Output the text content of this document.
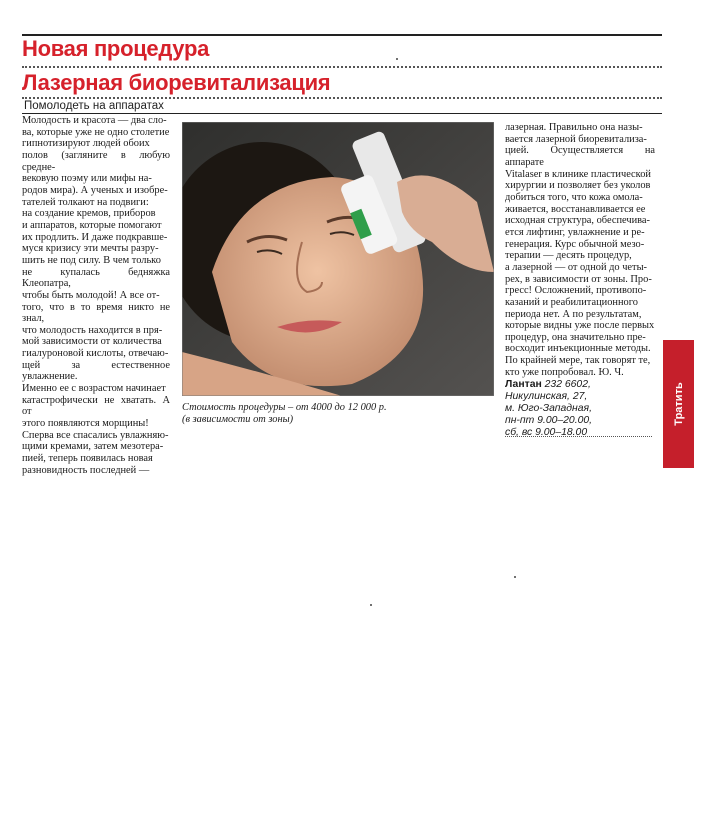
Новая процедура
Лазерная биоревитализация
Помолодеть на аппаратах

Молодость и красота — два сло-

ва, которые уже не одно столетие

гипнотизируют людей обоих

полов (загляните в любую средне-

вековую поэму или мифы на-

родов мира). А ученых и изобре-

тателей толкают на подвиги:

на создание кремов, приборов

и аппаратов, которые помогают

их продлить. И даже подкравше-

муся кризису эти мечты разру-

шить не под силу. В чем только

не купалась бедняжка Клеопатра,

чтобы быть молодой! А все от-

того, что в то время никто не знал,

что молодость находится в пря-

мой зависимости от количества

гиалуроновой кислоты, отвечаю-

щей за естественное увлажнение.

Именно ее с возрастом начинает

катастрофически не хватать. А от

этого появляются морщины!

Сперва все спасались увлажняю-

щими кремами, затем мезотера-

пией, теперь появилась новая

разновидность последней —

Стоимость процедуры – от 4000 до 12 000 р.
(в зависимости от зоны)

лазерная. Правильно она назы-

вается лазерной биоревитализа-

цией. Осуществляется на аппарате

Vitalaser в клинике пластической

хирургии и позволяет без уколов

добиться того, что кожа омола-

живается, восстанавливается ее

исходная структура, обеспечива-

ется лифтинг, увлажнение и ре-

генерация. Курс обычной мезо-

терапии — десять процедур,

а лазерной — от одной до четы-

рех, в зависимости от зоны. Про-

гресс! Осложнений, противопо-

казаний и реабилитационного

периода нет. А по результатам,

которые видны уже после первых

процедур, она значительно пре-

восходит инъекционные методы.

По крайней мере, так говорят те,

кто уже попробовал. Ю. Ч.

Лантан 232 6602,
Никулинская, 27,
м. Юго-Западная,
пн-пт 9.00–20.00,
сб, вс 9.00–18.00
Тратить
